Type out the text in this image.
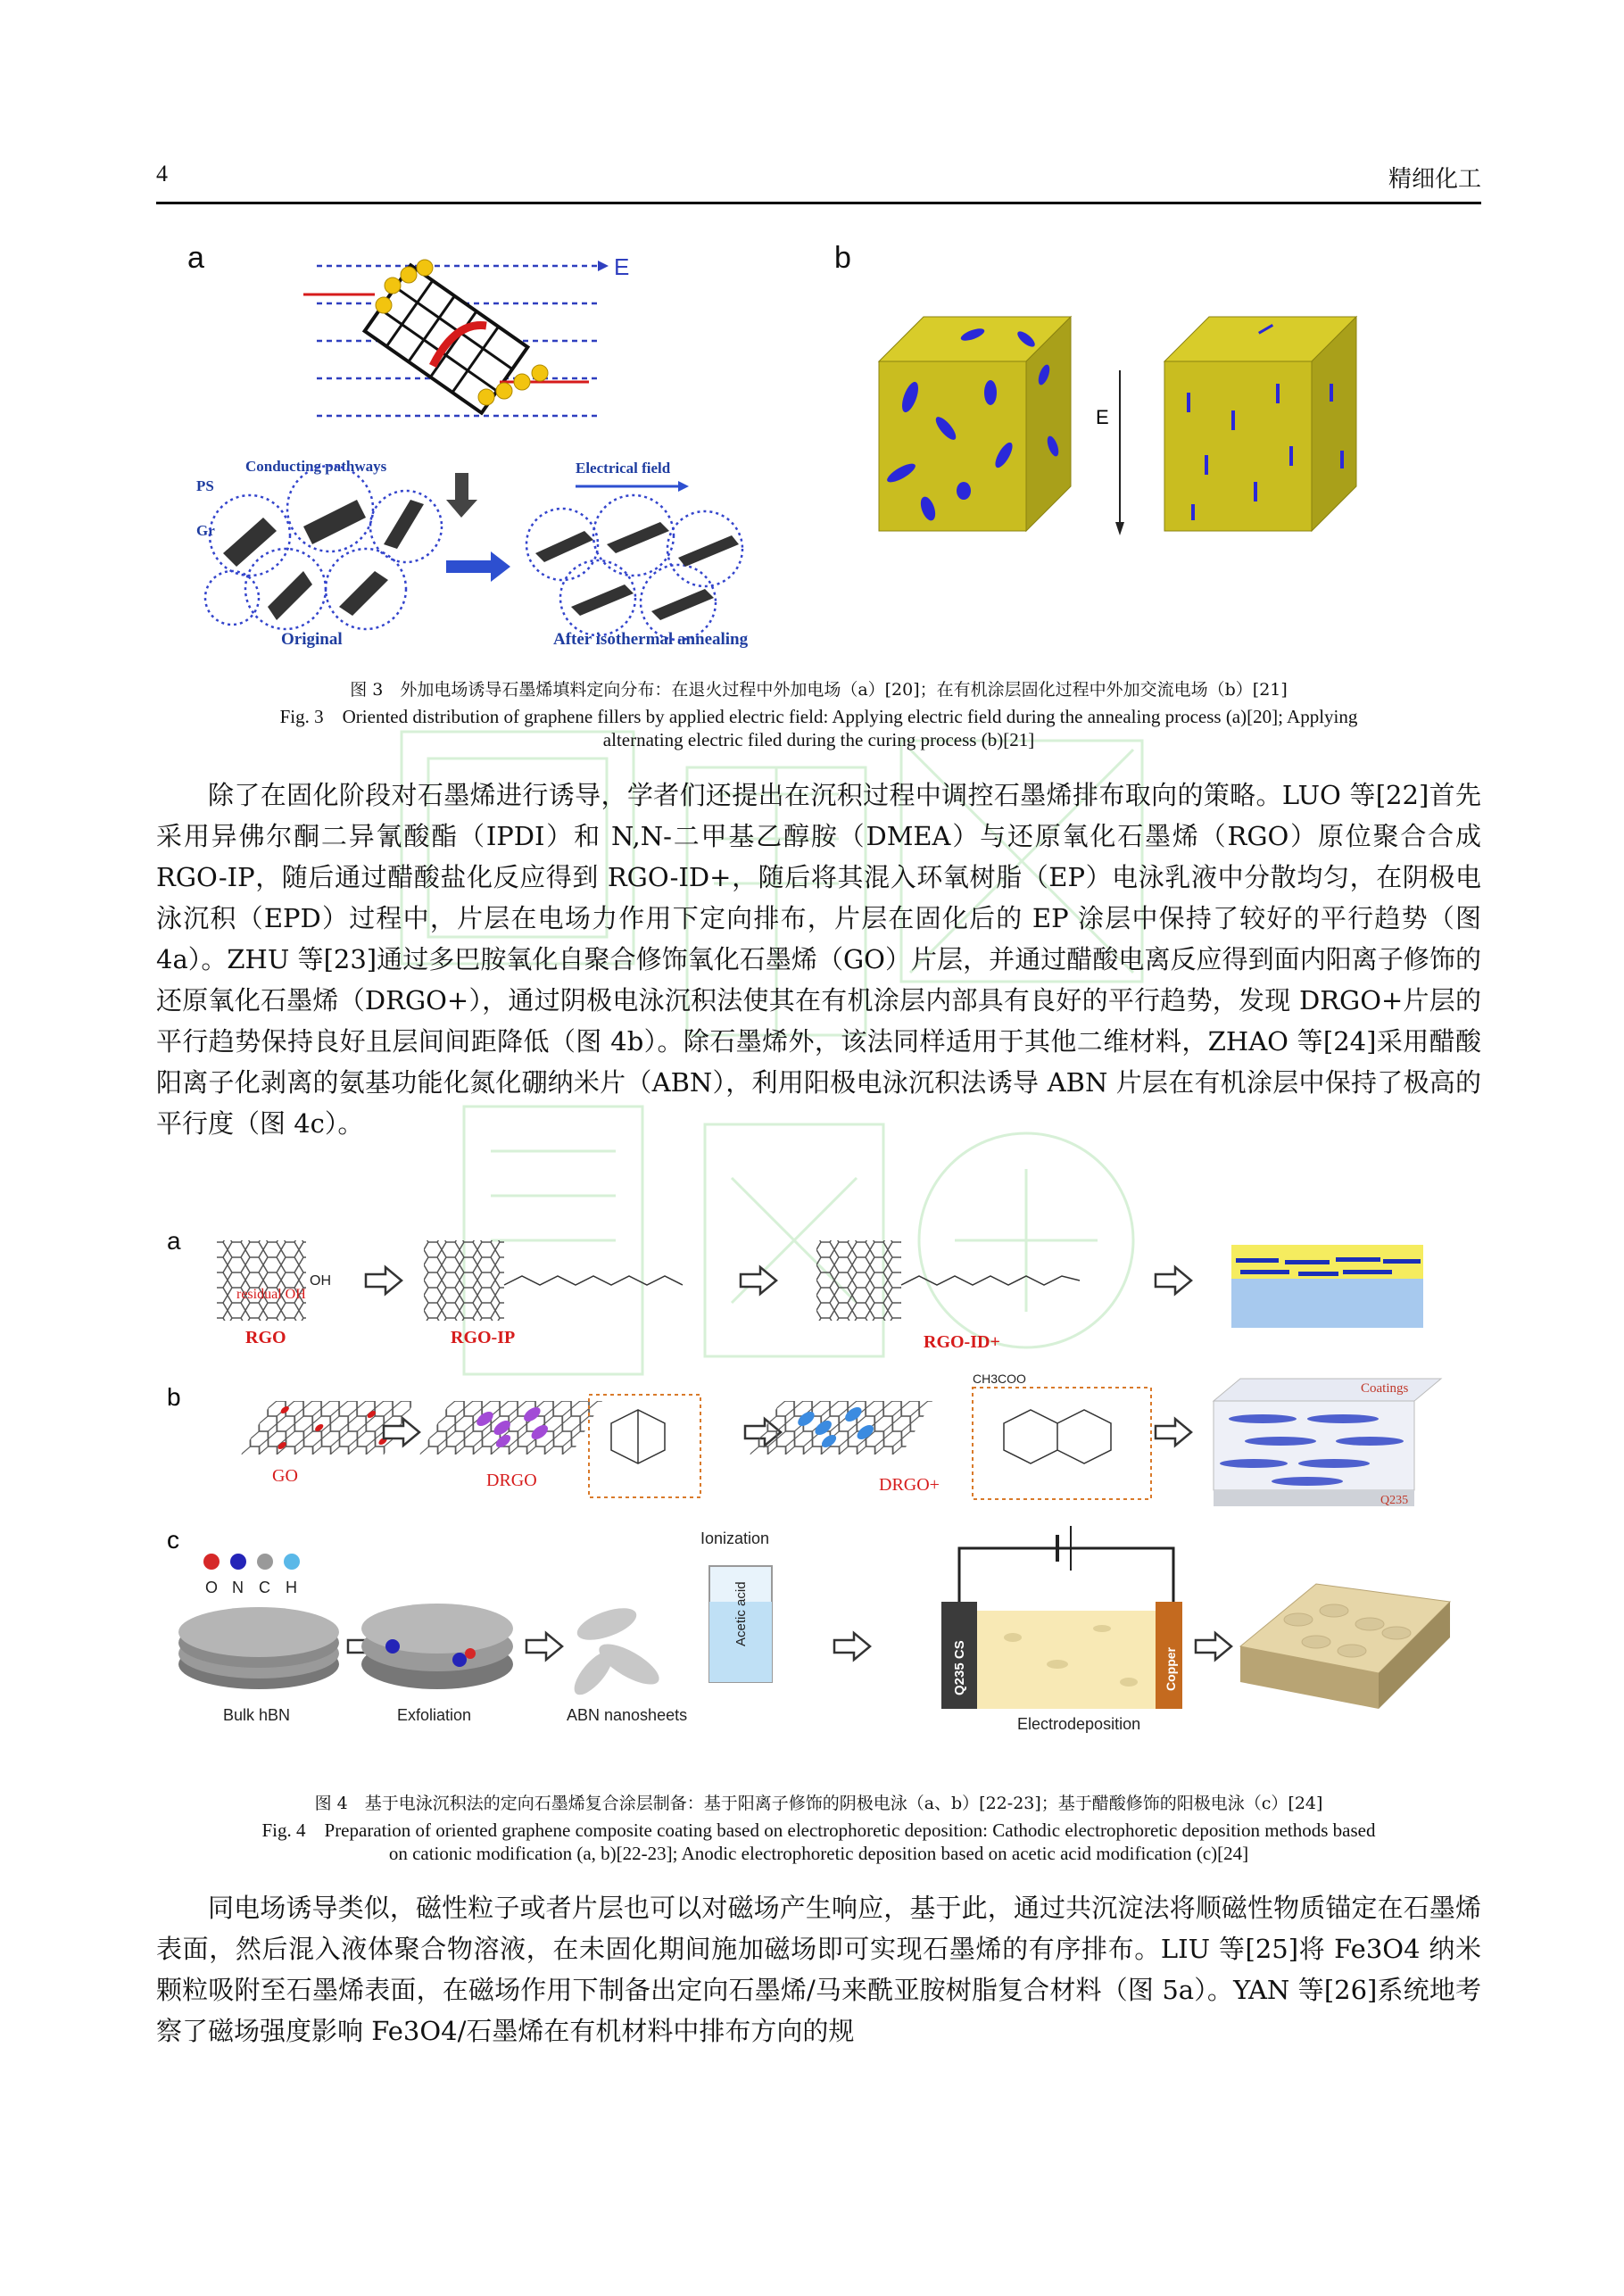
4	精细化工
a	E
Conducting pathways
PS
Gr
Original
Electrical field
After isothermal annealing
b
E
图 3　外加电场诱导石墨烯填料定向分布：在退火过程中外加电场（a）[20]；在有机涂层固化过程中外加交流电场（b）[21]
Fig. 3　Oriented distribution of graphene fillers by applied electric field: Applying electric field during the annealing process (a)[20]; Applying
alternating electric filed during the curing process (b)[21]

除了在固化阶段对石墨烯进行诱导，学者们还提出在沉积过程中调控石墨烯排布取向的策略。LUO 等[22]首先采用异佛尔酮二异氰酸酯（IPDI）和 N,N-二甲基乙醇胺（DMEA）与还原氧化石墨烯（RGO）原位聚合合成 RGO-IP，随后通过醋酸盐化反应得到 RGO-ID+，随后将其混入环氧树脂（EP）电泳乳液中分散均匀，在阴极电泳沉积（EPD）过程中，片层在电场力作用下定向排布，片层在固化后的 EP 涂层中保持了较好的平行趋势（图 4a）。ZHU 等[23]通过多巴胺氧化自聚合修饰氧化石墨烯（GO）片层，并通过醋酸电离反应得到面内阳离子修饰的还原氧化石墨烯（DRGO+），通过阴极电泳沉积法使其在有机涂层内部具有良好的平行趋势，发现 DRGO+片层的平行趋势保持良好且层间间距降低（图 4b）。除石墨烯外，该法同样适用于其他二维材料，ZHAO 等[24]采用醋酸阳离子化剥离的氨基功能化氮化硼纳米片（ABN），利用阳极电泳沉积法诱导 ABN 片层在有机涂层中保持了极高的平行度（图 4c）。

a
residual OH
OH
RGO	RGO-IP	RGO-ID+
b
GO	DRGO	DRGO+
CH3COO
Coatings
Q235
c
O N C H
Bulk hBN	Exfoliation	ABN nanosheets
Ionization
Acetic acid
Q235 CS	Copper
Electrodeposition
图 4　基于电泳沉积法的定向石墨烯复合涂层制备：基于阳离子修饰的阴极电泳（a、b）[22-23]；基于醋酸修饰的阳极电泳（c）[24]
Fig. 4　Preparation of oriented graphene composite coating based on electrophoretic deposition: Cathodic electrophoretic deposition methods based
on cationic modification (a, b)[22-23]; Anodic electrophoretic deposition based on acetic acid modification (c)[24]

同电场诱导类似，磁性粒子或者片层也可以对磁场产生响应，基于此，通过共沉淀法将顺磁性物质锚定在石墨烯表面，然后混入液体聚合物溶液，在未固化期间施加磁场即可实现石墨烯的有序排布。LIU 等[25]将 Fe3O4 纳米颗粒吸附至石墨烯表面，在磁场作用下制备出定向石墨烯/马来酰亚胺树脂复合材料（图 5a）。YAN 等[26]系统地考察了磁场强度影响 Fe3O4/石墨烯在有机材料中排布方向的规
